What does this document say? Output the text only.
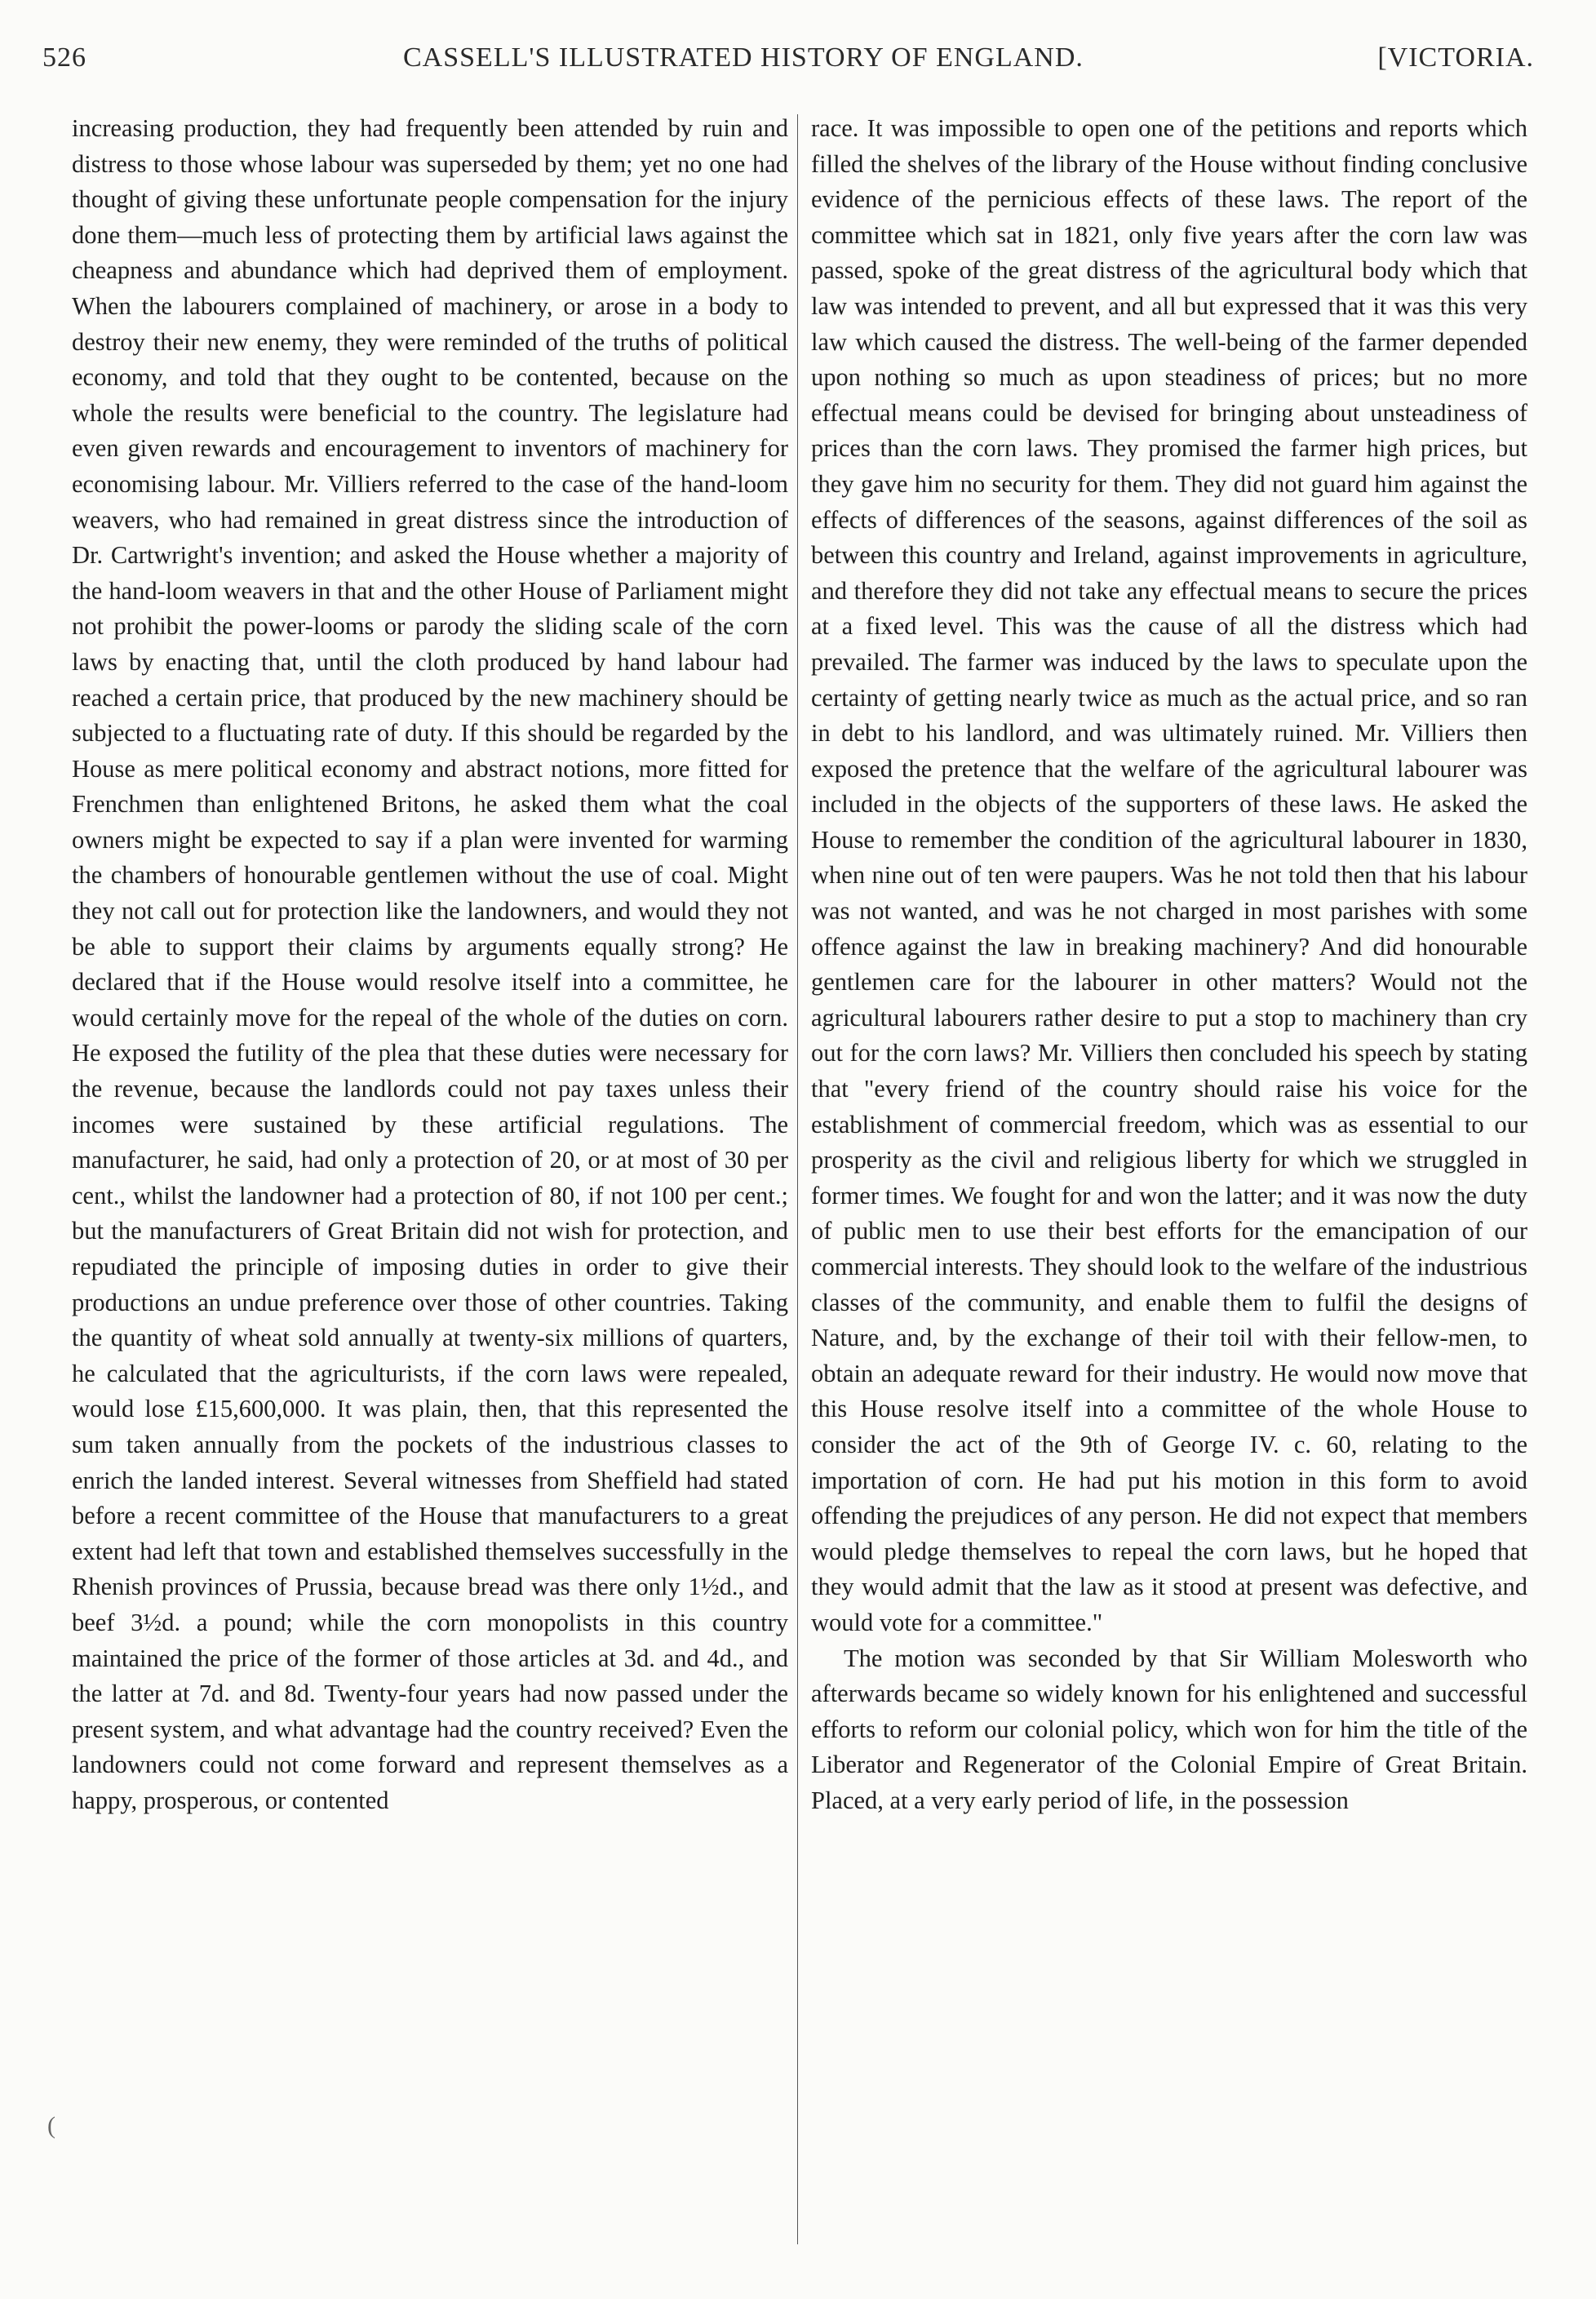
526	CASSELL'S ILLUSTRATED HISTORY OF ENGLAND.	[VICTORIA.

increasing production, they had frequently been attended by ruin and distress to those whose labour was superseded by them; yet no one had thought of giving these unfortunate people compensation for the injury done them—much less of protecting them by artificial laws against the cheapness and abundance which had deprived them of employment. When the labourers complained of machinery, or arose in a body to destroy their new enemy, they were reminded of the truths of political economy, and told that they ought to be contented, because on the whole the results were beneficial to the country. The legislature had even given rewards and encouragement to inventors of machinery for economising labour. Mr. Villiers referred to the case of the hand-loom weavers, who had remained in great distress since the introduction of Dr. Cartwright's invention; and asked the House whether a majority of the hand-loom weavers in that and the other House of Parliament might not prohibit the power-looms or parody the sliding scale of the corn laws by enacting that, until the cloth produced by hand labour had reached a certain price, that produced by the new machinery should be subjected to a fluctuating rate of duty. If this should be regarded by the House as mere political economy and abstract notions, more fitted for Frenchmen than enlightened Britons, he asked them what the coal owners might be expected to say if a plan were invented for warming the chambers of honourable gentlemen without the use of coal. Might they not call out for protection like the landowners, and would they not be able to support their claims by arguments equally strong? He declared that if the House would resolve itself into a committee, he would certainly move for the repeal of the whole of the duties on corn. He exposed the futility of the plea that these duties were necessary for the revenue, because the landlords could not pay taxes unless their incomes were sustained by these artificial regulations. The manufacturer, he said, had only a protection of 20, or at most of 30 per cent., whilst the landowner had a protection of 80, if not 100 per cent.; but the manufacturers of Great Britain did not wish for protection, and repudiated the principle of imposing duties in order to give their productions an undue preference over those of other countries. Taking the quantity of wheat sold annually at twenty-six millions of quarters, he calculated that the agriculturists, if the corn laws were repealed, would lose £15,600,000. It was plain, then, that this represented the sum taken annually from the pockets of the industrious classes to enrich the landed interest. Several witnesses from Sheffield had stated before a recent committee of the House that manufacturers to a great extent had left that town and established themselves successfully in the Rhenish provinces of Prussia, because bread was there only 1½d., and beef 3½d. a pound; while the corn monopolists in this country maintained the price of the former of those articles at 3d. and 4d., and the latter at 7d. and 8d. Twenty-four years had now passed under the present system, and what advantage had the country received? Even the landowners could not come forward and represent themselves as a happy, prosperous, or contented

race. It was impossible to open one of the petitions and reports which filled the shelves of the library of the House without finding conclusive evidence of the pernicious effects of these laws. The report of the committee which sat in 1821, only five years after the corn law was passed, spoke of the great distress of the agricultural body which that law was intended to prevent, and all but expressed that it was this very law which caused the distress. The well-being of the farmer depended upon nothing so much as upon steadiness of prices; but no more effectual means could be devised for bringing about unsteadiness of prices than the corn laws. They promised the farmer high prices, but they gave him no security for them. They did not guard him against the effects of differences of the seasons, against differences of the soil as between this country and Ireland, against improvements in agriculture, and therefore they did not take any effectual means to secure the prices at a fixed level. This was the cause of all the distress which had prevailed. The farmer was induced by the laws to speculate upon the certainty of getting nearly twice as much as the actual price, and so ran in debt to his landlord, and was ultimately ruined. Mr. Villiers then exposed the pretence that the welfare of the agricultural labourer was included in the objects of the supporters of these laws. He asked the House to remember the condition of the agricultural labourer in 1830, when nine out of ten were paupers. Was he not told then that his labour was not wanted, and was he not charged in most parishes with some offence against the law in breaking machinery? And did honourable gentlemen care for the labourer in other matters? Would not the agricultural labourers rather desire to put a stop to machinery than cry out for the corn laws? Mr. Villiers then concluded his speech by stating that "every friend of the country should raise his voice for the establishment of commercial freedom, which was as essential to our prosperity as the civil and religious liberty for which we struggled in former times. We fought for and won the latter; and it was now the duty of public men to use their best efforts for the emancipation of our commercial interests. They should look to the welfare of the industrious classes of the community, and enable them to fulfil the designs of Nature, and, by the exchange of their toil with their fellow-men, to obtain an adequate reward for their industry. He would now move that this House resolve itself into a committee of the whole House to consider the act of the 9th of George IV. c. 60, relating to the importation of corn. He had put his motion in this form to avoid offending the prejudices of any person. He did not expect that members would pledge themselves to repeal the corn laws, but he hoped that they would admit that the law as it stood at present was defective, and would vote for a committee."

The motion was seconded by that Sir William Molesworth who afterwards became so widely known for his enlightened and successful efforts to reform our colonial policy, which won for him the title of the Liberator and Regenerator of the Colonial Empire of Great Britain. Placed, at a very early period of life, in the possession

(
